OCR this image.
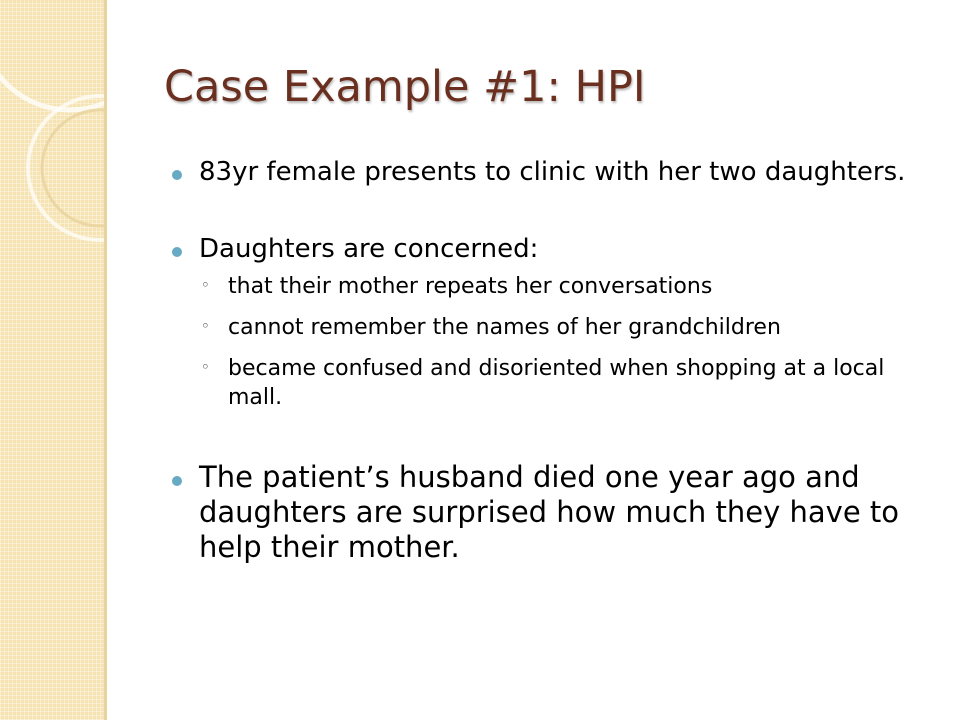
Case Example #1: HPI
83yr female presents to clinic with her two daughters.
Daughters are concerned:
◦ that their mother repeats her conversations
◦ cannot remember the names of her grandchildren
◦ became confused and disoriented when shopping at a local mall.
The patient’s husband died one year ago and daughters are surprised how much they have to help their mother.
